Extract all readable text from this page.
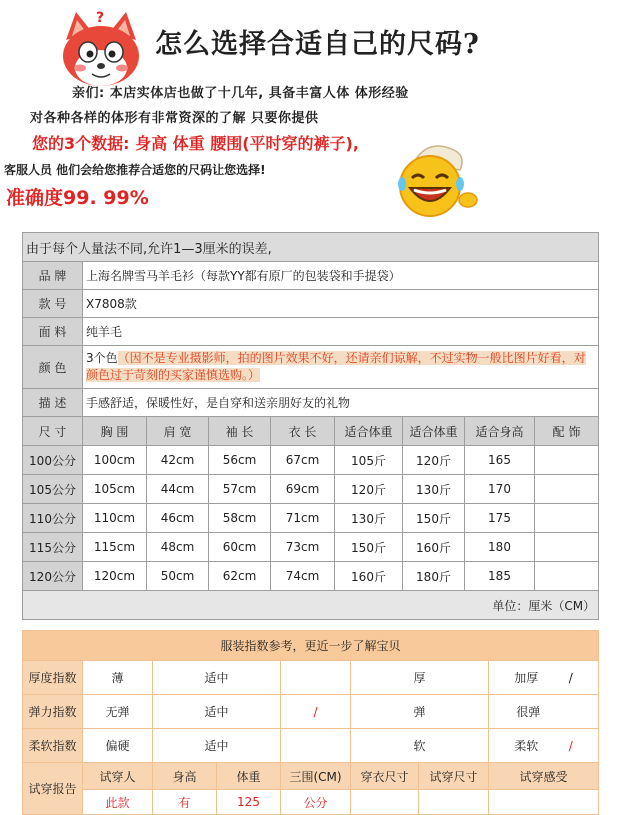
?
怎么选择合适自己的尺码?
亲们: 本店实体店也做了十几年, 具备丰富人体 体形经验
对各种各样的体形有非常资深的了解 只要你提供
您的3个数据: 身高 体重 腰围(平时穿的裤子),
客服人员 他们会给您推荐合适您的尺码让您选择!
准确度99. 99%
由于每个人量法不同,允许1—3厘米的误差,								
品 牌	上海名牌雪马羊毛衫（每款YY都有原厂的包装袋和手提袋）							
款 号	X7808款							
面 料	纯羊毛							
颜 色	3个色（因不是专业摄影师，拍的图片效果不好，还请亲们谅解，不过实物一般比图片好看，对颜色过于苛刻的买家谨慎选购。）							
描 述	手感舒适，保暖性好，是自穿和送亲朋好友的礼物							
尺 寸	胸 围	肩 宽	袖 长	衣 长	适合体重	适合体重	适合身高	配 饰
100公分	100cm	42cm	56cm	67cm	105斤	120斤	165	
105公分	105cm	44cm	57cm	69cm	120斤	130斤	170	
110公分	110cm	46cm	58cm	71cm	130斤	150斤	175	
115公分	115cm	48cm	60cm	73cm	150斤	160斤	180	
120公分	120cm	50cm	62cm	74cm	160斤	180斤	185	
单位：厘米（CM）								
服装指数参考，更近一步了解宝贝							
厚度指数	薄	适中			厚		加厚 /
弹力指数	无弹	适中		/	弹		很弹
柔软指数	偏硬	适中			软		柔软 /
试穿报告	试穿人	身高	体重	三围(CM)	穿衣尺寸	试穿尺寸	试穿感受
	此款	有	125	公分			
